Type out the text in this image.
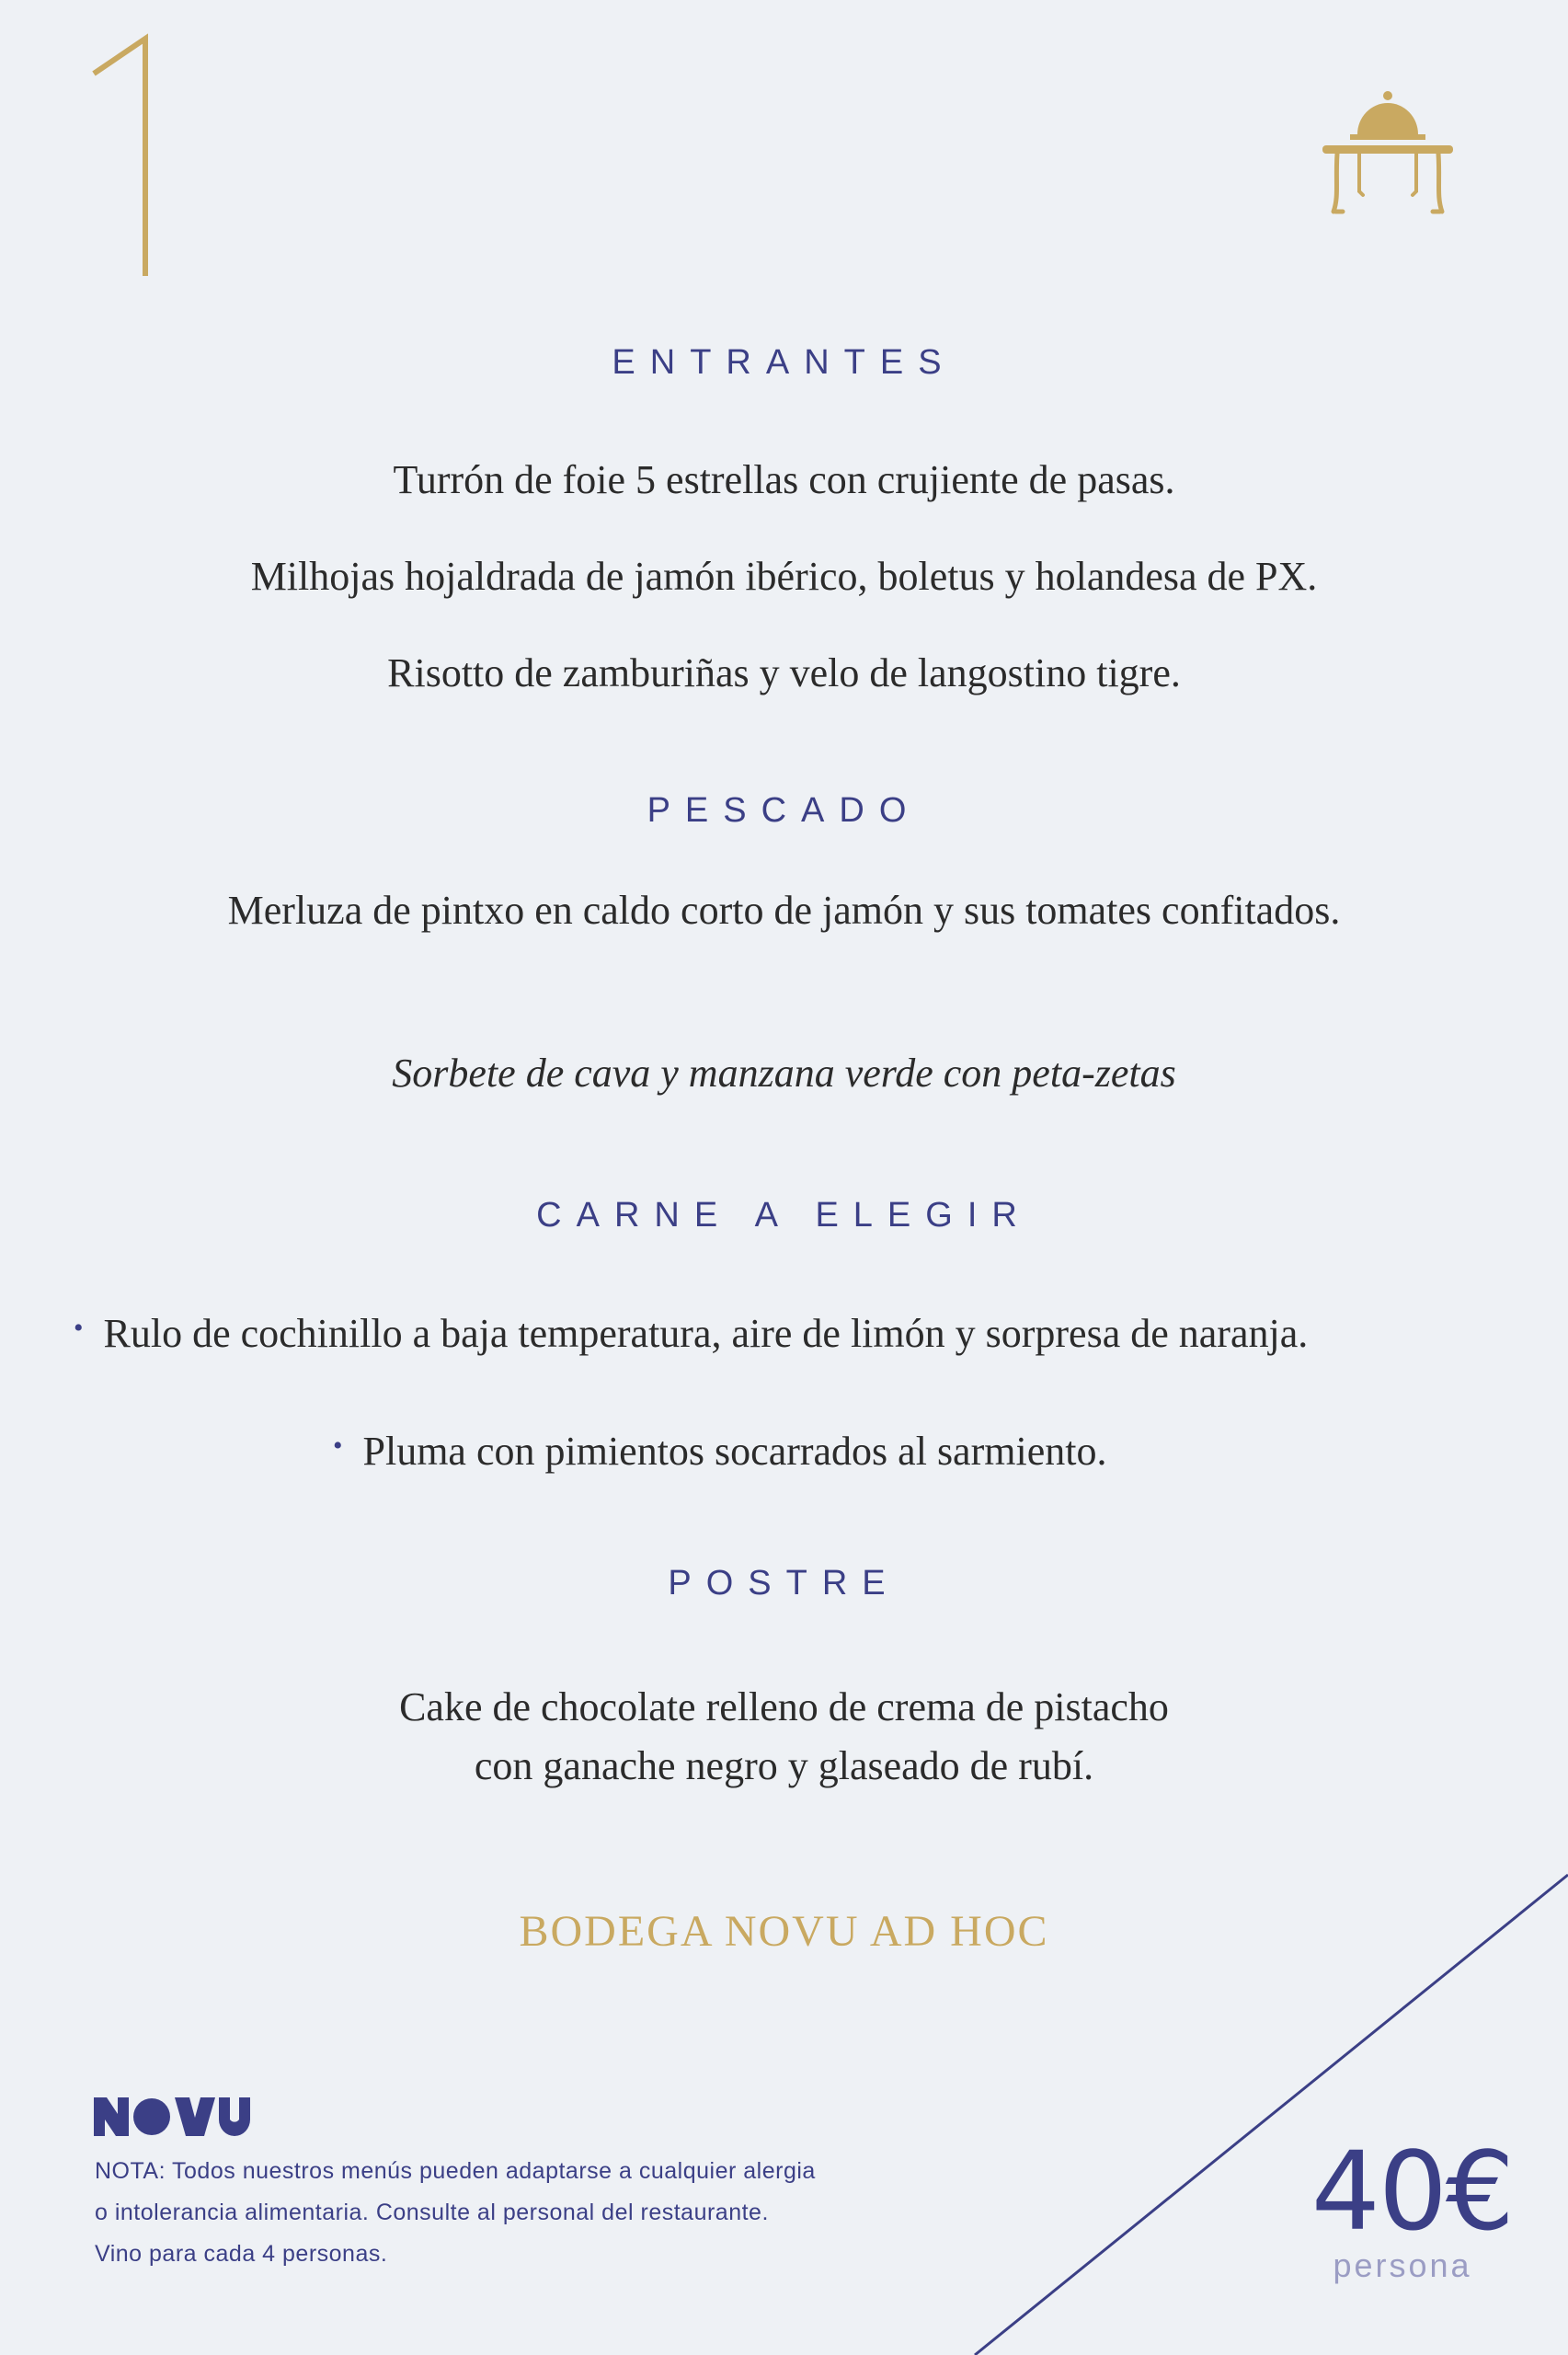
ENTRANTES
Turrón de foie 5 estrellas con crujiente de pasas.
Milhojas hojaldrada de jamón ibérico, boletus y holandesa de PX.
Risotto de zamburiñas y velo de langostino tigre.
PESCADO
Merluza de pintxo en caldo corto de jamón y sus tomates confitados.
Sorbete de cava y manzana verde con peta-zetas
CARNE A ELEGIR
• Rulo de cochinillo a baja temperatura, aire de limón y sorpresa de naranja.
• Pluma con pimientos socarrados al sarmiento.
POSTRE
Cake de chocolate relleno de crema de pistacho
con ganache negro y glaseado de rubí.
BODEGA NOVU AD HOC
NOTA: Todos nuestros menús pueden adaptarse a cualquier alergia
o intolerancia alimentaria. Consulte al personal del restaurante.
Vino para cada 4 personas.	40€
persona
